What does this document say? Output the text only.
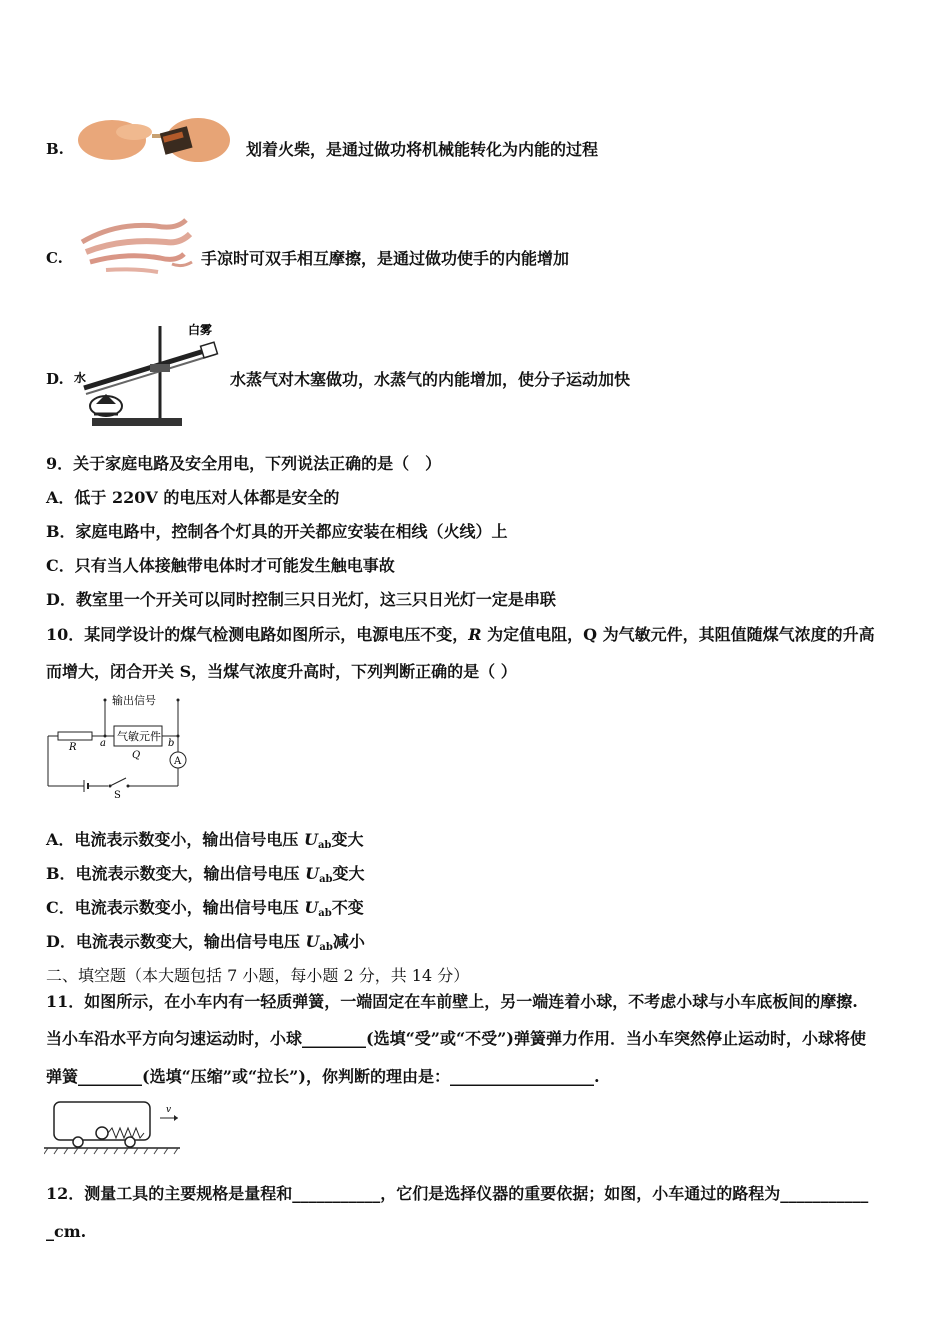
B.	划着火柴，是通过做功将机械能转化为内能的过程
C.	手凉时可双手相互摩擦，是通过做功使手的内能增加
D. 水
白雾
水蒸气对木塞做功，水蒸气的内能增加，使分子运动加快
9．关于家庭电路及安全用电，下列说法正确的是（　）
A．低于 220V 的电压对人体都是安全的
B．家庭电路中，控制各个灯具的开关都应安装在相线（火线）上
C．只有当人体接触带电体时才可能发生触电事故
D．教室里一个开关可以同时控制三只日光灯，这三只日光灯一定是串联
10．某同学设计的煤气检测电路如图所示，电源电压不变，R 为定值电阻，Q 为气敏元件，其阻值随煤气浓度的升高
而增大，闭合开关 S，当煤气浓度升高时，下列判断正确的是（ ）
输出信号
气敏元件
R a	b
Q
A
S
A．电流表示数变小，输出信号电压 $U_{ab}$变大
B．电流表示数变大，输出信号电压 $U_{ab}$变大
C．电流表示数变小，输出信号电压 $U_{ab}$不变
D．电流表示数变大，输出信号电压 $U_{ab}$减小
二、填空题（本大题包括 7 小题，每小题 2 分，共 14 分）
11．如图所示，在小车内有一轻质弹簧，一端固定在车前壁上，另一端连着小球，不考虑小球与小车底板间的摩擦.
当小车沿水平方向匀速运动时，小球________(选填“受”或“不受”)弹簧弹力作用．当小车突然停止运动时，小球将使
弹簧________(选填“压缩”或“拉长”)，你判断的理由是：__________________.
v
12．测量工具的主要规格是量程和___________，它们是选择仪器的重要依据；如图，小车通过的路程为___________
_cm.
